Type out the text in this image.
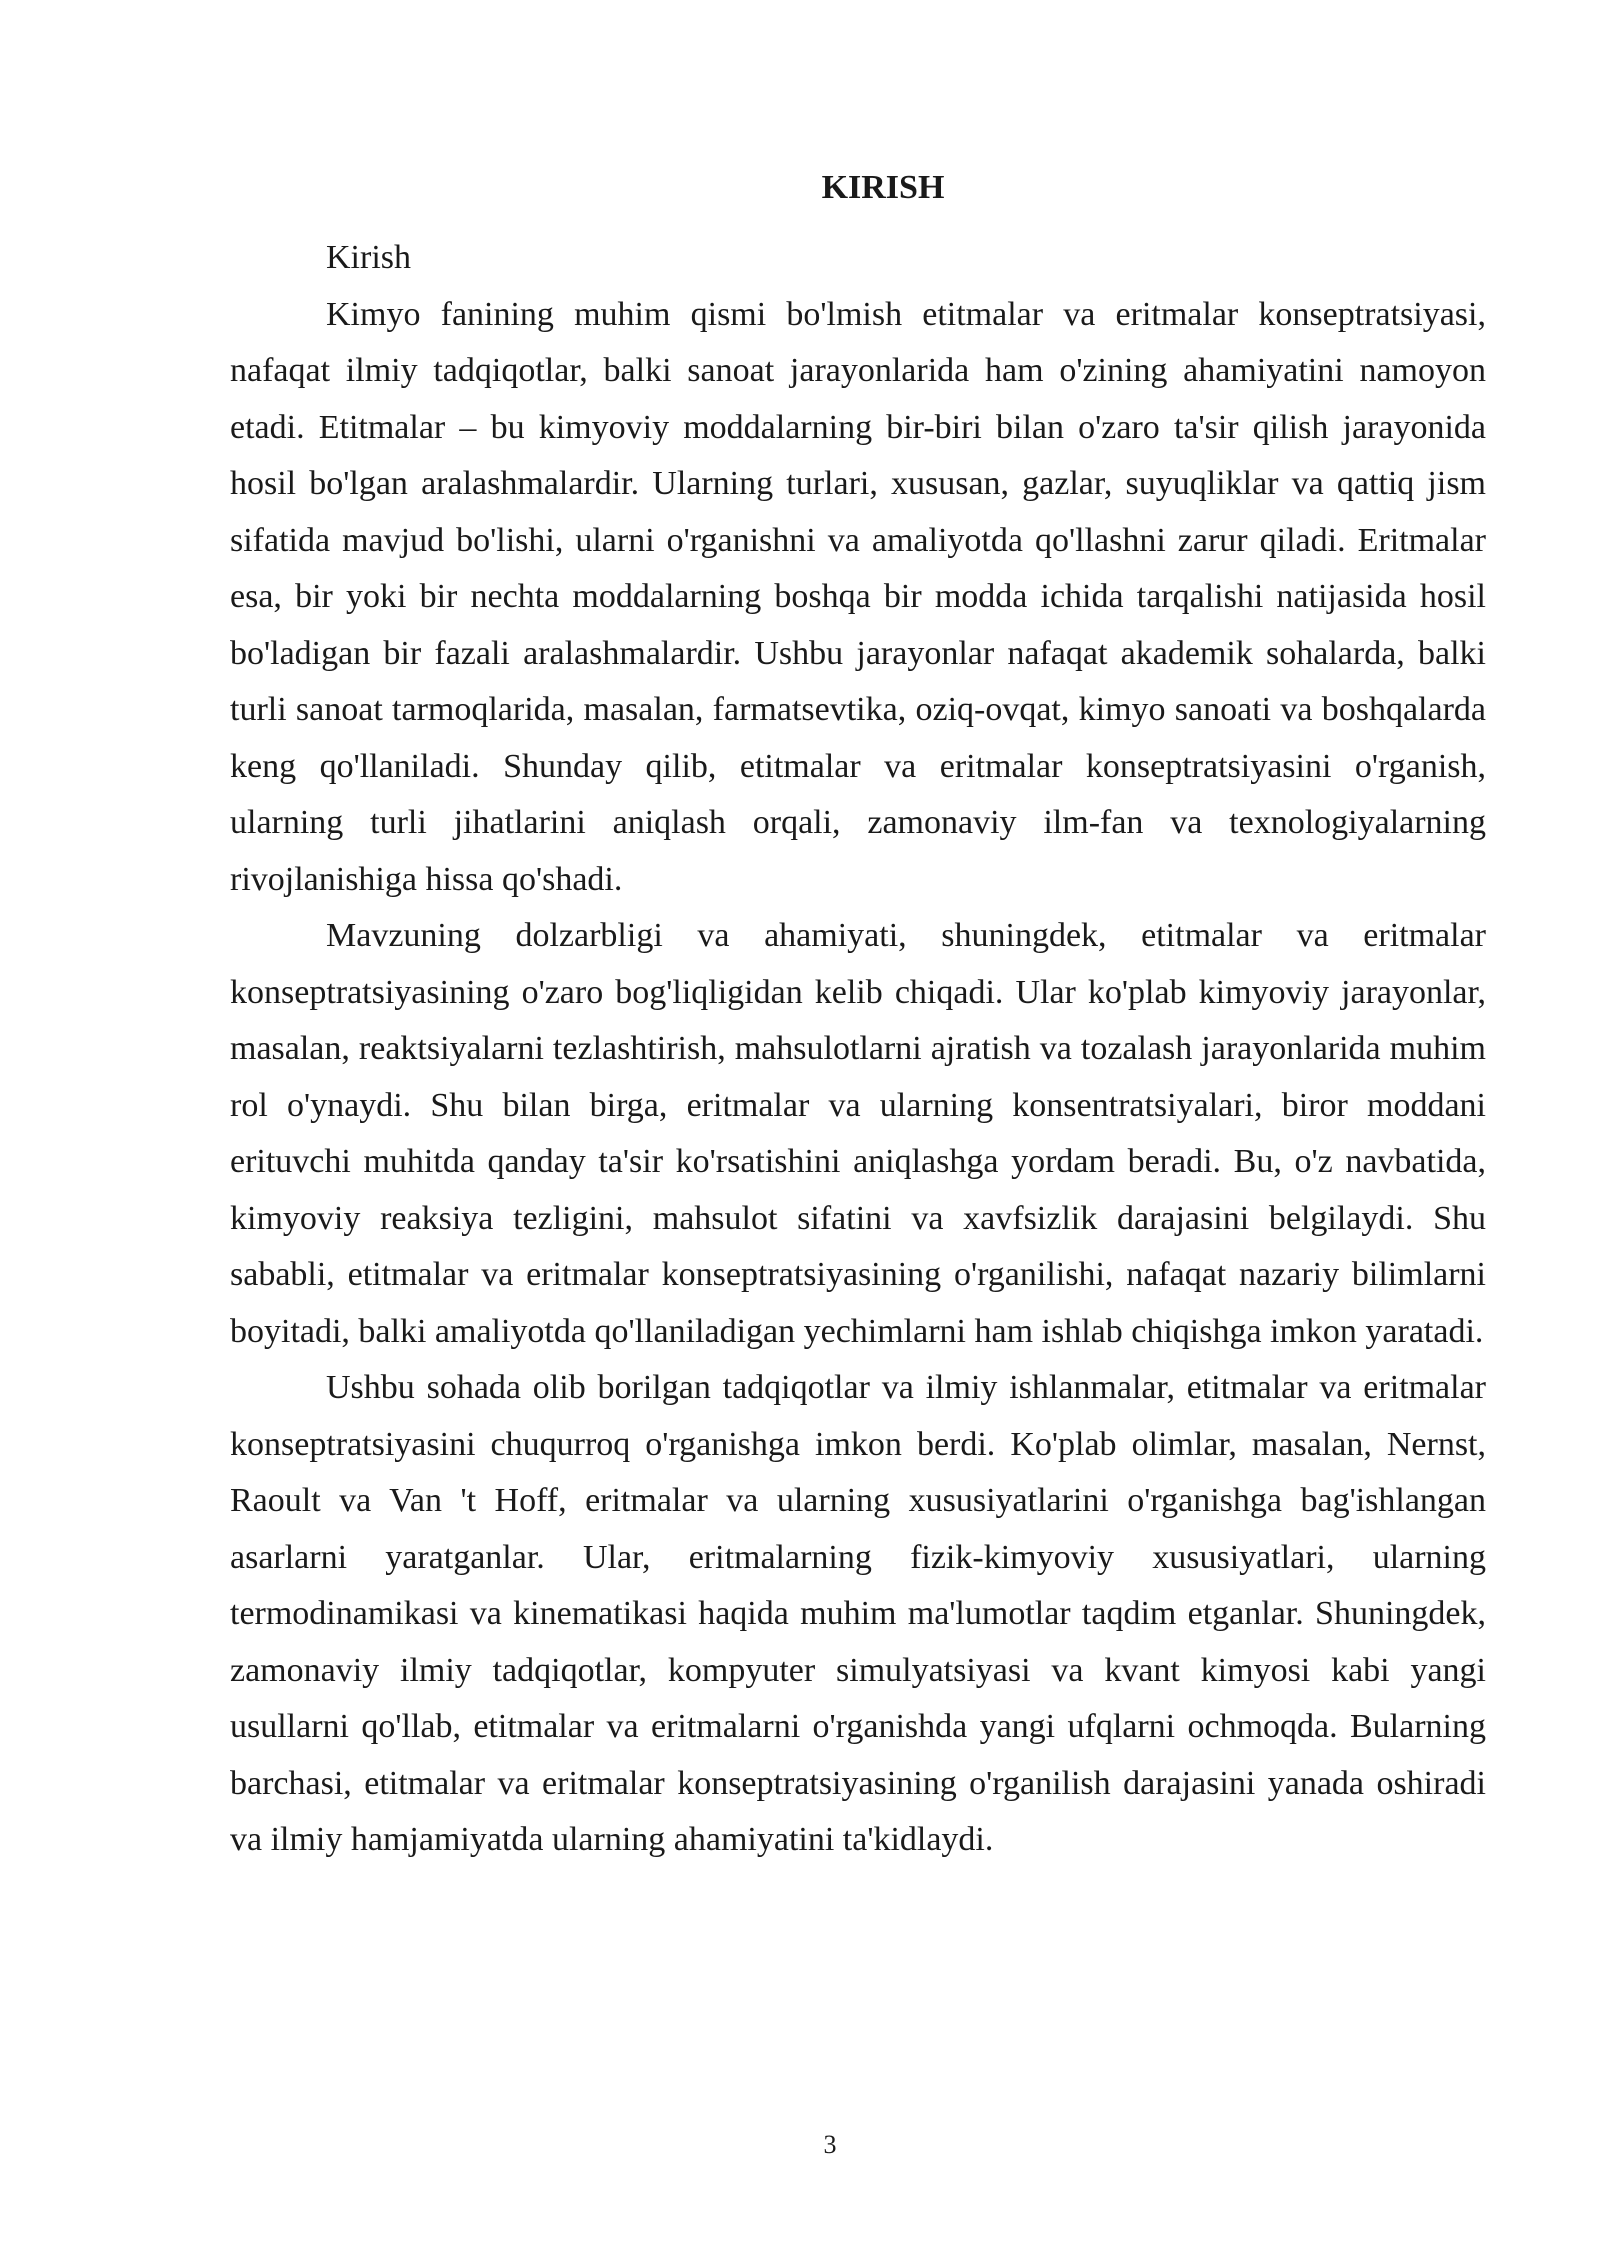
KIRISH

Kirish

Kimyo fanining muhim qismi bo'lmish etitmalar va eritmalar konseptratsiyasi, nafaqat ilmiy tadqiqotlar, balki sanoat jarayonlarida ham o'zining ahamiyatini namoyon etadi. Etitmalar – bu kimyoviy moddalarning bir-biri bilan o'zaro ta'sir qilish jarayonida hosil bo'lgan aralashmalardir. Ularning turlari, xususan, gazlar, suyuqliklar va qattiq jism sifatida mavjud bo'lishi, ularni o'rganishni va amaliyotda qo'llashni zarur qiladi. Eritmalar esa, bir yoki bir nechta moddalarning boshqa bir modda ichida tarqalishi natijasida hosil bo'ladigan bir fazali aralashmalardir. Ushbu jarayonlar nafaqat akademik sohalarda, balki turli sanoat tarmoqlarida, masalan, farmatsevtika, oziq-ovqat, kimyo sanoati va boshqalarda keng qo'llaniladi. Shunday qilib, etitmalar va eritmalar konseptratsiyasini o'rganish, ularning turli jihatlarini aniqlash orqali, zamonaviy ilm-fan va texnologiyalarning rivojlanishiga hissa qo'shadi.

Mavzuning dolzarbligi va ahamiyati, shuningdek, etitmalar va eritmalar konseptratsiyasining o'zaro bog'liqligidan kelib chiqadi. Ular ko'plab kimyoviy jarayonlar, masalan, reaktsiyalarni tezlashtirish, mahsulotlarni ajratish va tozalash jarayonlarida muhim rol o'ynaydi. Shu bilan birga, eritmalar va ularning konsentratsiyalari, biror moddani erituvchi muhitda qanday ta'sir ko'rsatishini aniqlashga yordam beradi. Bu, o'z navbatida, kimyoviy reaksiya tezligini, mahsulot sifatini va xavfsizlik darajasini belgilaydi. Shu sababli, etitmalar va eritmalar konseptratsiyasining o'rganilishi, nafaqat nazariy bilimlarni boyitadi, balki amaliyotda qo'llaniladigan yechimlarni ham ishlab chiqishga imkon yaratadi.

Ushbu sohada olib borilgan tadqiqotlar va ilmiy ishlanmalar, etitmalar va eritmalar konseptratsiyasini chuqurroq o'rganishga imkon berdi. Ko'plab olimlar, masalan, Nernst, Raoult va Van 't Hoff, eritmalar va ularning xususiyatlarini o'rganishga bag'ishlangan asarlarni yaratganlar. Ular, eritmalarning fizik-kimyoviy xususiyatlari, ularning termodinamikasi va kinematikasi haqida muhim ma'lumotlar taqdim etganlar. Shuningdek, zamonaviy ilmiy tadqiqotlar, kompyuter simulyatsiyasi va kvant kimyosi kabi yangi usullarni qo'llab, etitmalar va eritmalarni o'rganishda yangi ufqlarni ochmoqda. Bularning barchasi, etitmalar va eritmalar konseptratsiyasining o'rganilish darajasini yanada oshiradi va ilmiy hamjamiyatda ularning ahamiyatini ta'kidlaydi.

3
